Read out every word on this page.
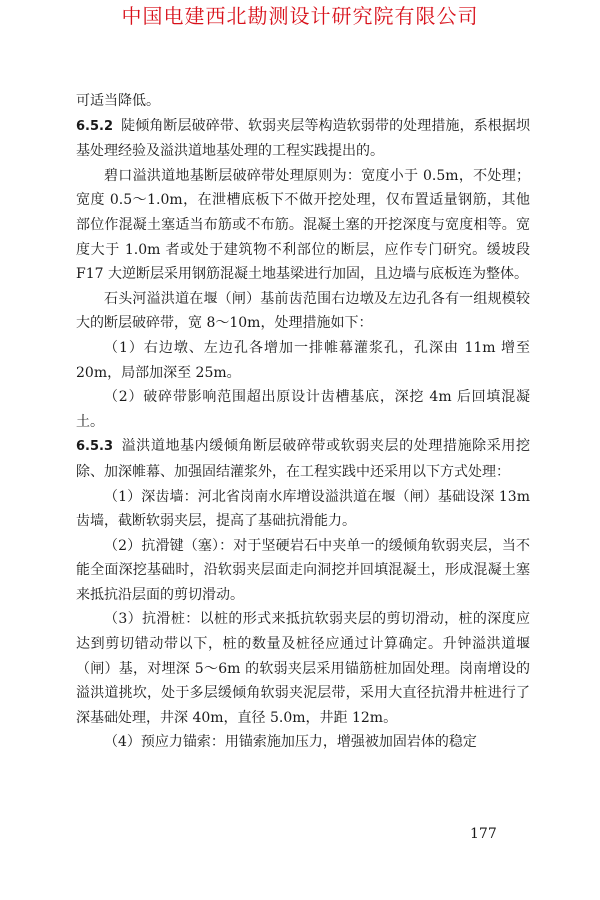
中国电建西北勘测设计研究院有限公司

可适当降低。

6.5.2 陡倾角断层破碎带、软弱夹层等构造软弱带的处理措施，系根据坝基处理经验及溢洪道地基处理的工程实践提出的。

碧口溢洪道地基断层破碎带处理原则为：宽度小于 0.5m，不处理；宽度 0.5～1.0m，在泄槽底板下不做开挖处理，仅布置适量钢筋，其他部位作混凝土塞适当布筋或不布筋。混凝土塞的开挖深度与宽度相等。宽度大于 1.0m 者或处于建筑物不利部位的断层，应作专门研究。缓坡段 F17 大逆断层采用钢筋混凝土地基梁进行加固，且边墙与底板连为整体。

石头河溢洪道在堰（闸）基前齿范围右边墩及左边孔各有一组规模较大的断层破碎带，宽 8～10m，处理措施如下：

（1）右边墩、左边孔各增加一排帷幕灌浆孔，孔深由 11m 增至 20m，局部加深至 25m。

（2）破碎带影响范围超出原设计齿槽基底，深挖 4m 后回填混凝土。

6.5.3 溢洪道地基内缓倾角断层破碎带或软弱夹层的处理措施除采用挖除、加深帷幕、加强固结灌浆外，在工程实践中还采用以下方式处理：

（1）深齿墙：河北省岗南水库增设溢洪道在堰（闸）基础设深 13m 齿墙，截断软弱夹层，提高了基础抗滑能力。

（2）抗滑键（塞）：对于坚硬岩石中夹单一的缓倾角软弱夹层，当不能全面深挖基础时，沿软弱夹层面走向洞挖并回填混凝土，形成混凝土塞来抵抗沿层面的剪切滑动。

（3）抗滑桩：以桩的形式来抵抗软弱夹层的剪切滑动，桩的深度应达到剪切错动带以下，桩的数量及桩径应通过计算确定。升钟溢洪道堰（闸）基，对埋深 5～6m 的软弱夹层采用锚筋桩加固处理。岗南增设的溢洪道挑坎，处于多层缓倾角软弱夹泥层带，采用大直径抗滑井桩进行了深基础处理，井深 40m，直径 5.0m，井距 12m。

（4）预应力锚索：用锚索施加压力，增强被加固岩体的稳定

177
